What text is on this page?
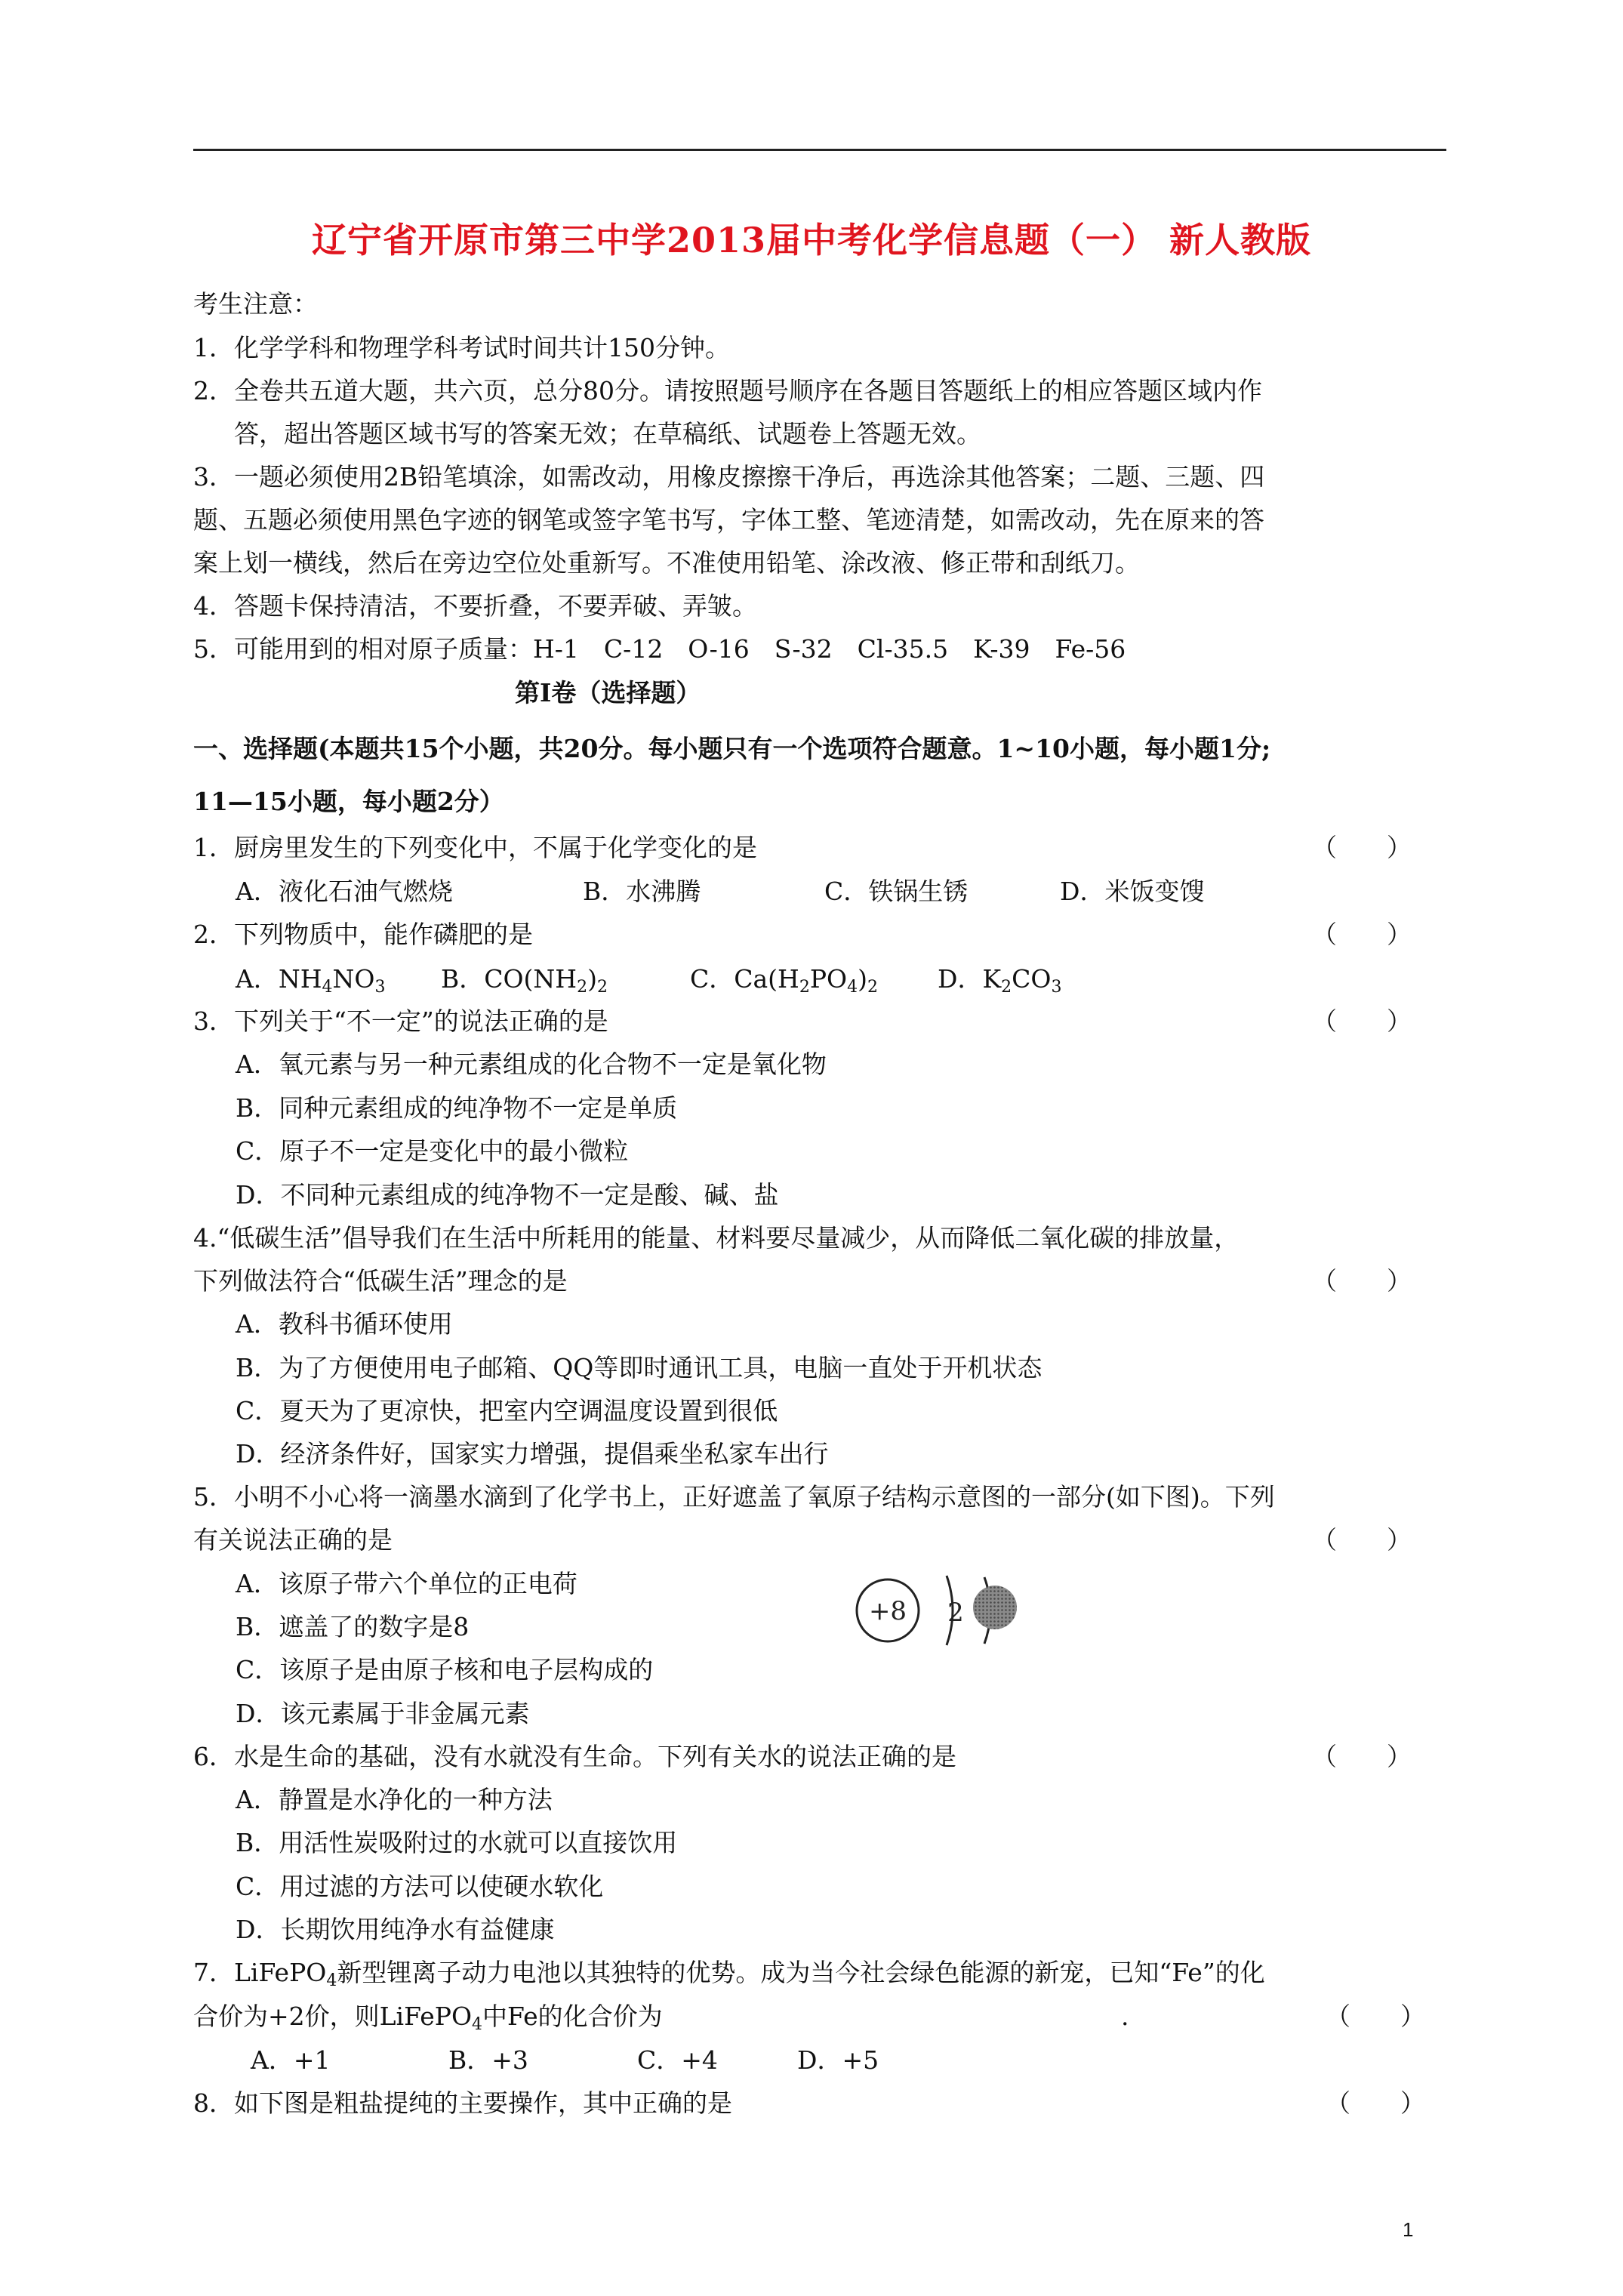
辽宁省开原市第三中学2013届中考化学信息题（一） 新人教版
考生注意：
1．化学学科和物理学科考试时间共计150分钟。
2．全卷共五道大题，共六页，总分80分。请按照题号顺序在各题目答题纸上的相应答题区域内作
答，超出答题区域书写的答案无效；在草稿纸、试题卷上答题无效。
3．一题必须使用2B铅笔填涂，如需改动，用橡皮擦擦干净后，再选涂其他答案；二题、三题、四
题、五题必须使用黑色字迹的钢笔或签字笔书写，字体工整、笔迹清楚，如需改动，先在原来的答
案上划一横线，然后在旁边空位处重新写。不准使用铅笔、涂改液、修正带和刮纸刀。
4．答题卡保持清洁，不要折叠，不要弄破、弄皱。
5．可能用到的相对原子质量：H-1　C-12　O-16　S-32　Cl-35.5　K-39　Fe-56
第Ⅰ卷（选择题）
一、选择题(本题共15个小题，共20分。每小题只有一个选项符合题意。1~10小题，每小题1分;
11—15小题，每小题2分）
1．厨房里发生的下列变化中，不属于化学变化的是	（　　）
A．液化石油气燃烧	B．水沸腾	C．铁锅生锈	D．米饭变馊
2．下列物质中，能作磷肥的是	（　　）
A．$NH_4NO_3$ B．$CO(NH_2)_2$	C．$Ca(H_2PO_4)_2$ D．$K_2CO_3$
3．下列关于“不一定”的说法正确的是	（　　）
A．氧元素与另一种元素组成的化合物不一定是氧化物
B．同种元素组成的纯净物不一定是单质
C．原子不一定是变化中的最小微粒
D．不同种元素组成的纯净物不一定是酸、碱、盐
4.“低碳生活”倡导我们在生活中所耗用的能量、材料要尽量减少，从而降低二氧化碳的排放量，
下列做法符合“低碳生活”理念的是	（　　）
A．教科书循环使用
B．为了方便使用电子邮箱、QQ等即时通讯工具，电脑一直处于开机状态
C．夏天为了更凉快，把室内空调温度设置到很低
D．经济条件好，国家实力增强，提倡乘坐私家车出行
5．小明不小心将一滴墨水滴到了化学书上，正好遮盖了氧原子结构示意图的一部分(如下图)。下列
有关说法正确的是	（　　）
A．该原子带六个单位的正电荷
B．遮盖了的数字是8
C．该原子是由原子核和电子层构成的
D．该元素属于非金属元素
+8 2
6．水是生命的基础，没有水就没有生命。下列有关水的说法正确的是	（　　）
A．静置是水净化的一种方法
B．用活性炭吸附过的水就可以直接饮用
C．用过滤的方法可以使硬水软化
D．长期饮用纯净水有益健康
7．LiFePO$_4$新型锂离子动力电池以其独特的优势。成为当今社会绿色能源的新宠，已知“Fe”的化
合价为+2价，则LiFePO$_4$中Fe的化合价为	.	（　　）
A．+1	B．+3	C．+4	D．+5
8．如下图是粗盐提纯的主要操作，其中正确的是	（　　）
1
